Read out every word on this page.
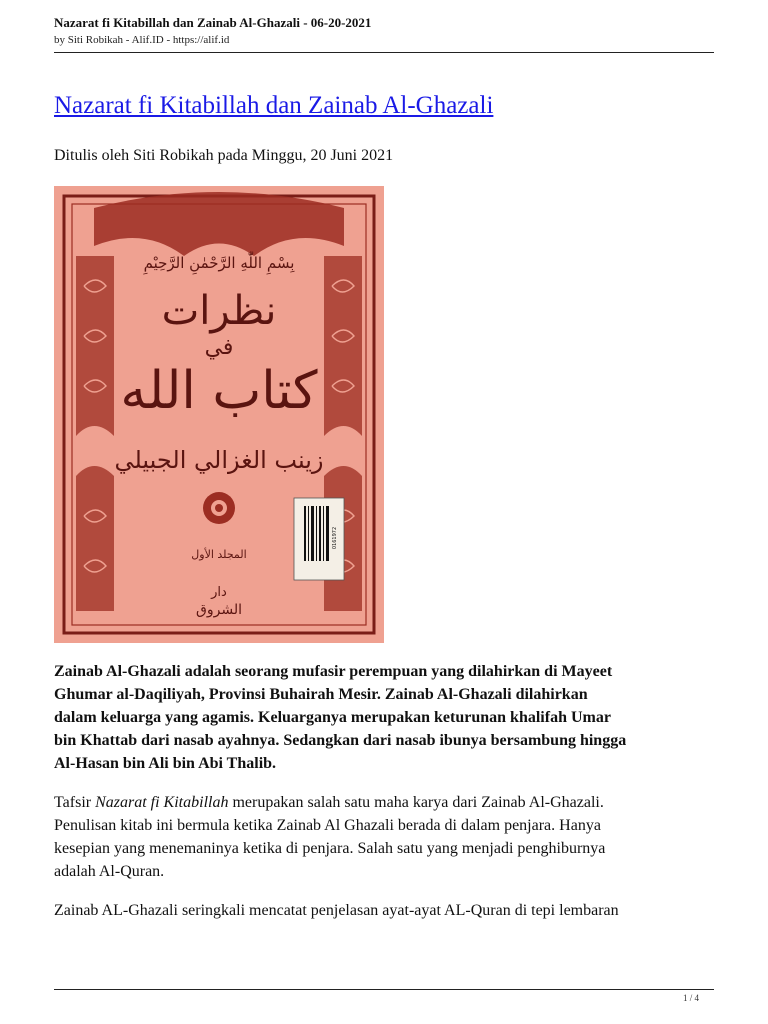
Nazarat fi Kitabillah dan Zainab Al-Ghazali - 06-20-2021
by Siti Robikah - Alif.ID - https://alif.id
Nazarat fi Kitabillah dan Zainab Al-Ghazali
Ditulis oleh Siti Robikah pada Minggu, 20 Juni 2021
بِسْمِ اللّٰهِ الرَّحْمٰنِ الرَّحِيْمِ
نظرات
في
كتاب الله
زينب الغزالي الجبيلي
المجلد الأول
دار
الشروق
0161972

Zainab Al-Ghazali adalah seorang mufasir perempuan yang dilahirkan di Mayeet
Ghumar al-Daqiliyah, Provinsi Buhairah Mesir. Zainab Al-Ghazali dilahirkan
dalam keluarga yang agamis. Keluarganya merupakan keturunan khalifah Umar
bin Khattab dari nasab ayahnya. Sedangkan dari nasab ibunya bersambung hingga
Al-Hasan bin Ali bin Abi Thalib.

Tafsir Nazarat fi Kitabillah merupakan salah satu maha karya dari Zainab Al-Ghazali.
Penulisan kitab ini bermula ketika Zainab Al Ghazali berada di dalam penjara. Hanya
kesepian yang menemaninya ketika di penjara. Salah satu yang menjadi penghiburnya
adalah Al-Quran.

Zainab AL-Ghazali seringkali mencatat penjelasan ayat-ayat AL-Quran di tepi lembaran

1 / 4
